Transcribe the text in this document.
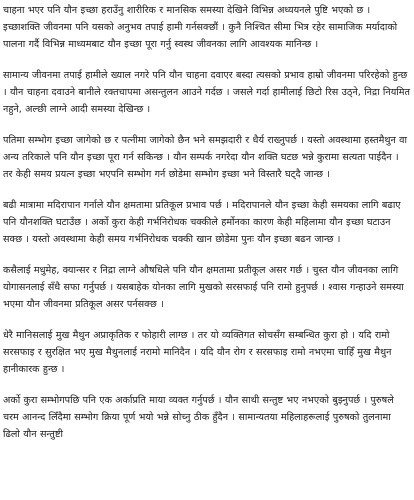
चाहना भएर पनि यौन इच्छा हराउँनु शारीरिक र मानसिक समस्या देखिने विभिन्न अध्ययनले पुष्टि भएको छ । इच्छाशक्ति जीवनमा पनि यसको अनुभव तपाई हामी गर्नसक्छौं । कुनै निश्चित सीमा भित्र रहेर सामाजिक मर्यादाको पालना गर्दै विभिन्न माध्यमबाट यौन इच्छा पूरा गर्नु स्वस्थ जीवनका लागि आवश्यक मानिन्छ ।

सामान्य जीवनमा तपाई हामीले ख्याल नगरे पनि यौन चाहना दवाएर बस्दा त्यसको प्रभाव हाम्रो जीवनमा परिरहेको हुन्छ । यौन चाहना दवाउने बानीले रक्तचापमा असन्तुलन आउने गर्दछ । जसले गर्दा हामीलाई छिटो रिस उठ्ने, निद्रा नियमित नहुने, अल्छी लाग्ने आदी समस्या देखिन्छ ।

पतिमा सम्भोग इच्छा जागेको छ र पत्नीमा जागेको छैन भने समझदारी र धैर्य राख्नुपर्छ । यस्तो अवस्थामा हस्तमैथुन वा अन्य तरिकाले पनि यौन इच्छा पूरा गर्न सकिन्छ । यौन सम्पर्क नगरेदा यौन शक्ति घटछ भन्ने कुरामा सत्यता पाईदैन । तर केही समय प्रयत्न इच्छा भएपनि सम्भोग गर्न छोडेमा सम्भोग इच्छा भने विस्तारै घट्दै जान्छ ।

बढी मात्रामा मदिरापान गर्नाले यौन क्षमतामा प्रतिकूल प्रभाव पर्छ । मदिरापानले यौन इच्छा केही समयका लागि बढाए पनि यौनशक्ति घटाउँछ । अर्को कुरा केही गर्भनिरोधक चक्कीले हर्मोनका कारण केही महिलामा यौन इच्छा घटाउन सक्छ । यस्तो अवस्थामा केही समय गर्भनिरोधक चक्की खान छोडेमा पुनः यौन इच्छा बढन जान्छ ।

कसैलाई मधुमेह, क्यान्सर र निद्रा लाग्ने औषधिले पनि यौन क्षमतामा प्रतीकूल असर गर्छ । चुस्त यौन जीवनका लागि योगासनलाई सँधै सफा गर्नुपर्छ । यसबाहेक योनका लागि मुखको सरसफाई पनि रामो हुनुपर्छ । श्वास गन्हाउने समस्या भएमा यौन जीवनमा प्रतिकूल असर पर्नसक्छ ।

धेरै मानिसलाई मुख मैथुन अप्राकृतिक र फोहारी लाग्छ । तर यो व्यक्तिगत सोचसँग सम्बन्धित कुरा हो । यदि रामो सरसफाइ र सुरक्षित भए मुख मैथुनलाई नरामो मानिदैन । यदि यौन रोग र सरसफाइ रामो नभएमा चाहिँ मुख मैथुन हानीकारक हुन्छ ।

अर्को कुरा सम्भोगपछि पनि एक अर्काप्रति माया व्यक्त गर्नुपर्छ । यौन साथी सन्तुष्ट भए नभएको बुझ्नुपर्छ । पुरुषले चरम आनन्द लिँदैमा सम्भोग क्रिया पूर्ण भयो भन्ने सोच्नु ठीक हुँदैन । सामान्यतया महिलाहरूलाई पुरुषको तुलनामा ढिलो यौन सन्तुष्टी
